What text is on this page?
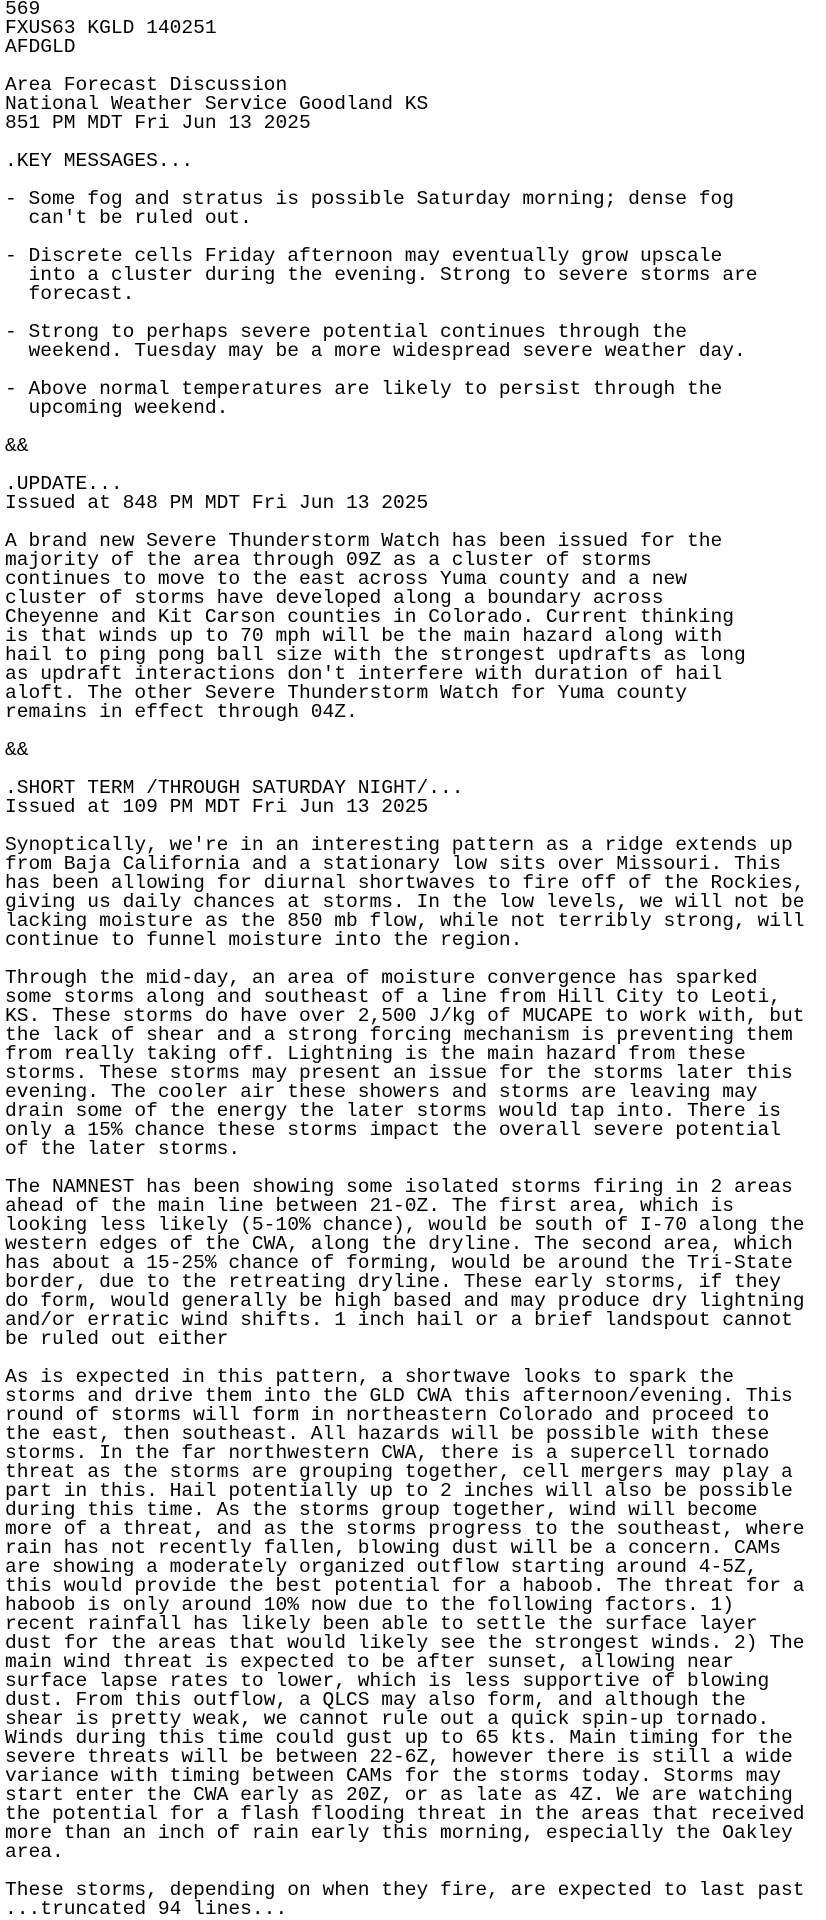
569
FXUS63 KGLD 140251
AFDGLD
Area Forecast Discussion
National Weather Service Goodland KS
851 PM MDT Fri Jun 13 2025
.KEY MESSAGES...
- Some fog and stratus is possible Saturday morning; dense fog
can't be ruled out.
- Discrete cells Friday afternoon may eventually grow upscale
into a cluster during the evening. Strong to severe storms are
forecast.
- Strong to perhaps severe potential continues through the
weekend. Tuesday may be a more widespread severe weather day.
- Above normal temperatures are likely to persist through the
upcoming weekend.
&&
.UPDATE...
Issued at 848 PM MDT Fri Jun 13 2025
A brand new Severe Thunderstorm Watch has been issued for the
majority of the area through 09Z as a cluster of storms
continues to move to the east across Yuma county and a new
cluster of storms have developed along a boundary across
Cheyenne and Kit Carson counties in Colorado. Current thinking
is that winds up to 70 mph will be the main hazard along with
hail to ping pong ball size with the strongest updrafts as long
as updraft interactions don't interfere with duration of hail
aloft. The other Severe Thunderstorm Watch for Yuma county
remains in effect through 04Z.
&&
.SHORT TERM /THROUGH SATURDAY NIGHT/...
Issued at 109 PM MDT Fri Jun 13 2025
Synoptically, we're in an interesting pattern as a ridge extends up
from Baja California and a stationary low sits over Missouri. This
has been allowing for diurnal shortwaves to fire off of the Rockies,
giving us daily chances at storms. In the low levels, we will not be
lacking moisture as the 850 mb flow, while not terribly strong, will
continue to funnel moisture into the region.
Through the mid-day, an area of moisture convergence has sparked
some storms along and southeast of a line from Hill City to Leoti,
KS. These storms do have over 2,500 J/kg of MUCAPE to work with, but
the lack of shear and a strong forcing mechanism is preventing them
from really taking off. Lightning is the main hazard from these
storms. These storms may present an issue for the storms later this
evening. The cooler air these showers and storms are leaving may
drain some of the energy the later storms would tap into. There is
only a 15% chance these storms impact the overall severe potential
of the later storms.
The NAMNEST has been showing some isolated storms firing in 2 areas
ahead of the main line between 21-0Z. The first area, which is
looking less likely (5-10% chance), would be south of I-70 along the
western edges of the CWA, along the dryline. The second area, which
has about a 15-25% chance of forming, would be around the Tri-State
border, due to the retreating dryline. These early storms, if they
do form, would generally be high based and may produce dry lightning
and/or erratic wind shifts. 1 inch hail or a brief landspout cannot
be ruled out either
As is expected in this pattern, a shortwave looks to spark the
storms and drive them into the GLD CWA this afternoon/evening. This
round of storms will form in northeastern Colorado and proceed to
the east, then southeast. All hazards will be possible with these
storms. In the far northwestern CWA, there is a supercell tornado
threat as the storms are grouping together, cell mergers may play a
part in this. Hail potentially up to 2 inches will also be possible
during this time. As the storms group together, wind will become
more of a threat, and as the storms progress to the southeast, where
rain has not recently fallen, blowing dust will be a concern. CAMs
are showing a moderately organized outflow starting around 4-5Z,
this would provide the best potential for a haboob. The threat for a
haboob is only around 10% now due to the following factors. 1)
recent rainfall has likely been able to settle the surface layer
dust for the areas that would likely see the strongest winds. 2) The
main wind threat is expected to be after sunset, allowing near
surface lapse rates to lower, which is less supportive of blowing
dust. From this outflow, a QLCS may also form, and although the
shear is pretty weak, we cannot rule out a quick spin-up tornado.
Winds during this time could gust up to 65 kts. Main timing for the
severe threats will be between 22-6Z, however there is still a wide
variance with timing between CAMs for the storms today. Storms may
start enter the CWA early as 20Z, or as late as 4Z. We are watching
the potential for a flash flooding threat in the areas that received
more than an inch of rain early this morning, especially the Oakley
area.
These storms, depending on when they fire, are expected to last past
...truncated 94 lines...
